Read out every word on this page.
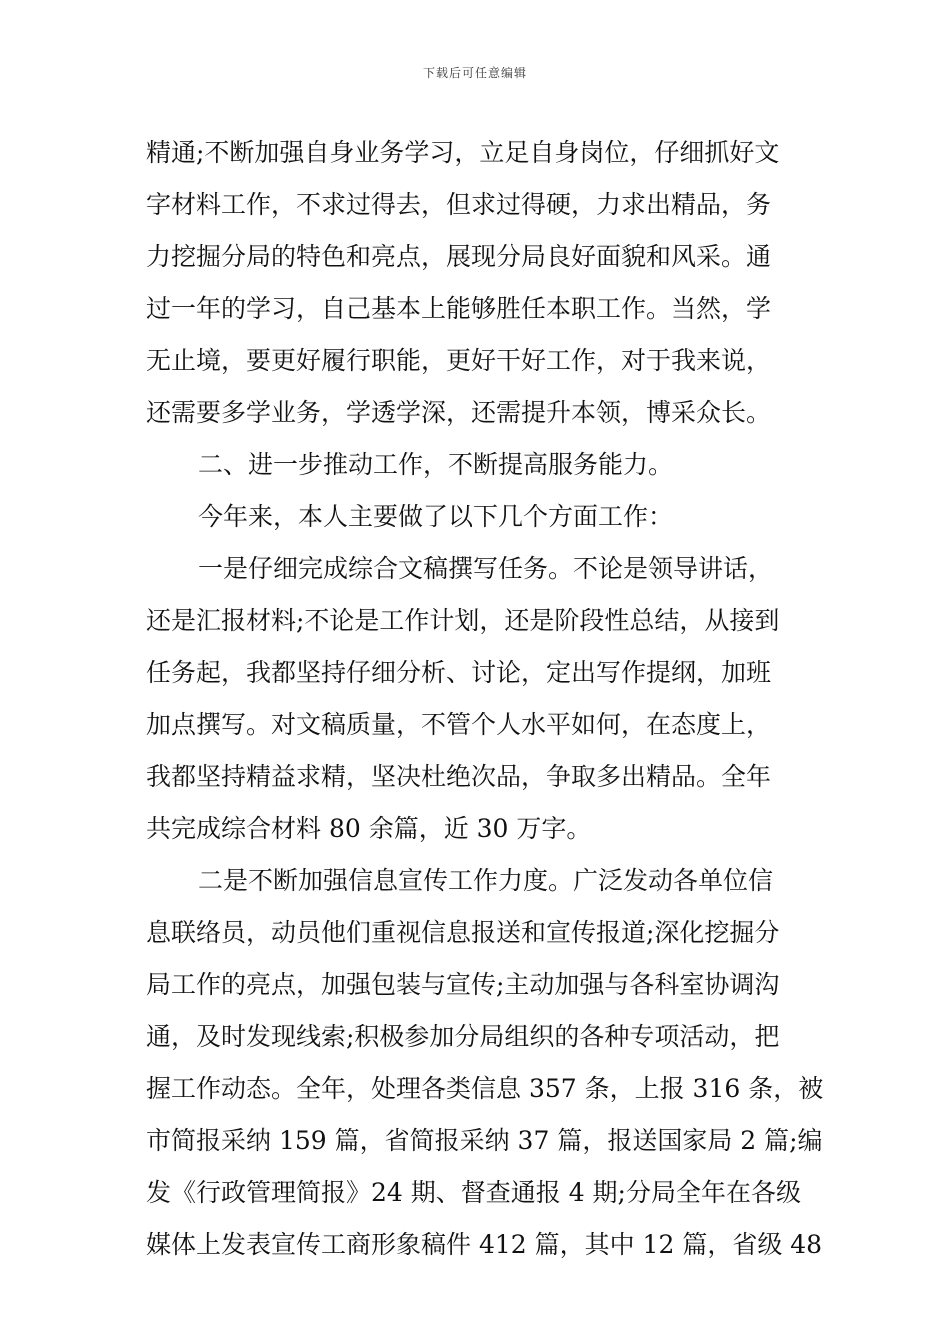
下载后可任意编辑
精通;不断加强自身业务学习，立足自身岗位，仔细抓好文
字材料工作，不求过得去，但求过得硬，力求出精品，务
力挖掘分局的特色和亮点，展现分局良好面貌和风采。通
过一年的学习，自己基本上能够胜任本职工作。当然，学
无止境，要更好履行职能，更好干好工作，对于我来说，
还需要多学业务，学透学深，还需提升本领，博采众长。
二、进一步推动工作，不断提高服务能力。
今年来，本人主要做了以下几个方面工作：
一是仔细完成综合文稿撰写任务。不论是领导讲话，
还是汇报材料;不论是工作计划，还是阶段性总结，从接到
任务起，我都坚持仔细分析、讨论，定出写作提纲，加班
加点撰写。对文稿质量，不管个人水平如何，在态度上，
我都坚持精益求精，坚决杜绝次品，争取多出精品。全年
共完成综合材料 80 余篇，近 30 万字。
二是不断加强信息宣传工作力度。广泛发动各单位信
息联络员，动员他们重视信息报送和宣传报道;深化挖掘分
局工作的亮点，加强包装与宣传;主动加强与各科室协调沟
通，及时发现线索;积极参加分局组织的各种专项活动，把
握工作动态。全年，处理各类信息 357 条，上报 316 条，被
市简报采纳 159 篇，省简报采纳 37 篇，报送国家局 2 篇;编
发《行政管理简报》24 期、督查通报 4 期;分局全年在各级
媒体上发表宣传工商形象稿件 412 篇，其中 12 篇，省级 48
